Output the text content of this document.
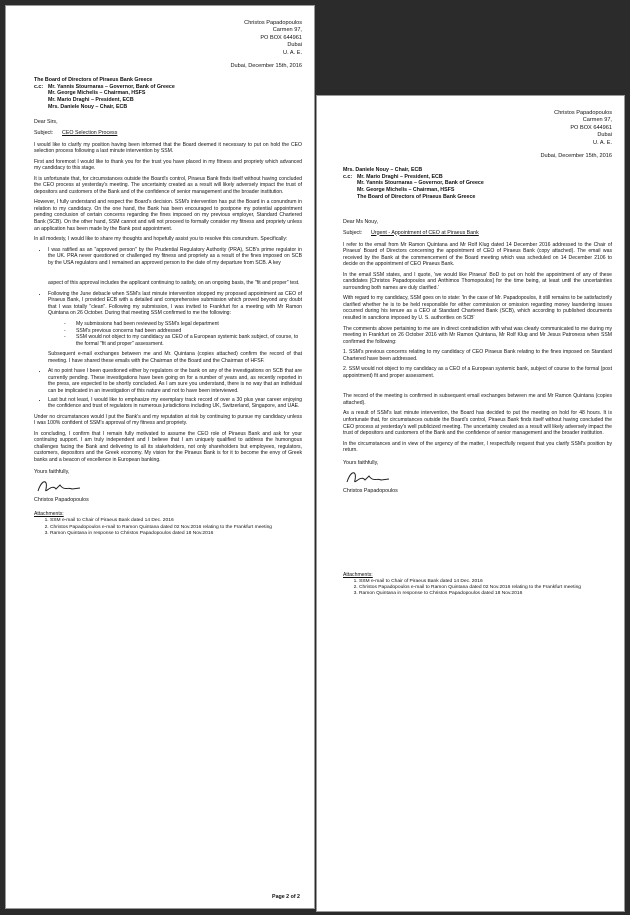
Christos Papadopoulos
Carmen 97,
PO BOX 644961
Dubai
U. A. E.
Dubai, December 15th, 2016
The Board of Directors of Piraeus Bank Greece
c.c: Mr. Yannis Stournaras – Governor, Bank of Greece
Mr. George Michelis – Chairman, HSFS
Mr. Mario Draghi – President, ECB
Mrs. Daniele Nouy – Chair, ECB
Dear Sirs,
Subject: CEO Selection Process

I would like to clarify my position having been informed that the Board deemed it necessary to put on hold the CEO selection process following a last minute intervention by SSM.

First and foremost I would like to thank you for the trust you have placed in my fitness and propriety which advanced my candidacy to this stage.

It is unfortunate that, for circumstances outside the Board's control, Piraeus Bank finds itself without having concluded the CEO process at yesterday's meeting. The uncertainty created as a result will likely adversely impact the trust of depositors and customers of the Bank and of the confidence of senior management and the broader institution.

However, I fully understand and respect the Board's decision. SSM's intervention has put the Board in a conundrum in relation to my candidacy. On the one hand, the Bank has been encouraged to postpone my potential appointment pending conclusion of certain concerns regarding the fines imposed on my previous employer, Standard Chartered Bank (SCB). On the other hand, SSM cannot and will not proceed to formally consider my fitness and propriety unless an application has been made by the Bank post appointment.

In all modesty, I would like to share my thoughts and hopefully assist you to resolve this conundrum. Specifically:

• I was ratified as an "approved person" by the Prudential Regulatory Authority (PRA), SCB's prime regulator in the UK. PRA never questioned or challenged my fitness and propriety as a result of the fines imposed on SCB by the USA regulators and I remained an approved person to the date of my departure from SCB. A key

aspect of this approval includes the applicant continuing to satisfy, on an ongoing basis, the "fit and proper" test.

• Following the June debacle when SSM's last minute intervention stopped my proposed appointment as CEO of Piraeus Bank, I provided ECB with a detailed and comprehensive submission which proved beyond any doubt that I was totally "clean". Following my submission, I was invited to Frankfurt for a meeting with Mr Ramon Quintana on 26 October. During that meeting SSM confirmed to me the following:
- My submissions had been reviewed by SSM's legal department
- SSM's previous concerns had been addressed
- SSM would not object to my candidacy as CEO of a European systemic bank subject, of course, to the formal "fit and proper" assessment.

Subsequent e-mail exchanges between me and Mr. Quintana (copies attached) confirm the record of that meeting. I have shared these emails with the Chairman of the Board and the Chairman of HFSF.

• At no point have I been questioned either by regulators or the bank on any of the investigations on SCB that are currently pending. These investigations have been going on for a number of years and, as recently reported in the press, are expected to be shortly concluded. As I am sure you understand, there is no way that an individual can be implicated in an investigation of this nature and not to have been interviewed.
• Last but not least, I would like to emphasize my exemplary track record of over a 30 plus year career enjoying the confidence and trust of regulators in numerous jurisdictions including UK, Switzerland, Singapore, and UAE.

Under no circumstances would I put the Bank's and my reputation at risk by continuing to pursue my candidacy unless I was 100% confident of SSM's approval of my fitness and propriety.

In concluding, I confirm that I remain fully motivated to assume the CEO role of Piraeus Bank and ask for your continuing support. I am truly independent and I believe that I am uniquely qualified to address the humongous challenges facing the Bank and delivering to all its stakeholders, not only shareholders but employees, regulators, customers, depositors and the Greek economy. My vision for the Piraeus Bank is for it to become the envy of Greek banks and a beacon of excellence in European banking.

Yours faithfully,
Christos Papadopoulos
Attachments:
1. SSM e-mail to Chair of Piraeus Bank dated 14 Dec. 2016
2. Christos Papadopoulos e-mail to Ramon Quintana dated 02 Nov.2016 relating to the Frankfurt meeting
3. Ramon Quintana in response to Christos Papadopoulos dated 18 Nov.2016
Page 2 of 2
Christos Papadopoulos
Carmen 97,
PO BOX 644961
Dubai
U. A. E.
Dubai, December 15th, 2016
Mrs. Daniele Nouy – Chair, ECB
c.c: Mr. Mario Draghi – President, ECB
Mr. Yannis Stournaras – Governor, Bank of Greece
Mr. George Michelis – Chairman, HSFS
The Board of Directors of Piraeus Bank Greece
Dear Ms Nouy,
Subject: Urgent - Appointment of CEO at Piraeus Bank

I refer to the email from Mr Ramon Quintana and Mr Rolf Klug dated 14 December 2016 addressed to the Chair of Piraeus' Board of Directors concerning the appointment of CEO of Piraeus Bank (copy attached). The email was received by the Bank at the commencement of the Board meeting which was scheduled on 14 December 2106 to decide on the appointment of CEO Piraeus Bank.

In the email SSM states, and I quote, 'we would like Piraeus' BoD to put on hold the appointment of any of these candidates [Christos Papadopoulos and Anthimos Thomopoulos] for the time being, at least until the uncertainties surrounding both names are duly clarified.'

With regard to my candidacy, SSM goes on to state: 'In the case of Mr. Papadopoulos, it still remains to be satisfactorily clarified whether he is to be held responsible for either commission or omission regarding money laundering issues occurred during his tenure as a CEO at Standard Chartered Bank (SCB), which according to published documents resulted in sanctions imposed by U. S. authorities on SCB'

The comments above pertaining to me are in direct contradiction with what was clearly communicated to me during my meeting in Frankfurt on 26 October 2016 with Mr Ramon Quintana, Mr Rolf Klug and Mr Jesus Patroness when SSM confirmed the following:

1. SSM's previous concerns relating to my candidacy of CEO Piraeus Bank relating to the fines imposed on Standard Chartered have been addressed.

2. SSM would not object to my candidacy as a CEO of a European systemic bank, subject of course to the formal (post appointment) fit and proper assessment.

The record of the meeting is confirmed in subsequent email exchanges between me and Mr Ramon Quintana (copies attached).

As a result of SSM's last minute intervention, the Board has decided to put the meeting on hold for 48 hours. It is unfortunate that, for circumstances outside the Board's control, Piraeus Bank finds itself without having concluded the CEO process at yesterday's well publicized meeting. The uncertainty created as a result will likely adversely impact the trust of depositors and customers of the Bank and the confidence of senior management and the broader institution.

In the circumstances and in view of the urgency of the matter, I respectfully request that you clarify SSM's position by return.

Yours faithfully,
Christos Papadopoulos
Attachments:
1. SSM e-mail to Chair of Piraeus Bank dated 14 Dec. 2016
2. Christos Papadopoulos e-mail to Ramon Quintana dated 02 Nov.2016 relating to the Frankfurt meeting
3. Ramon Quintana in response to Christos Papadopoulos dated 18 Nov.2016
